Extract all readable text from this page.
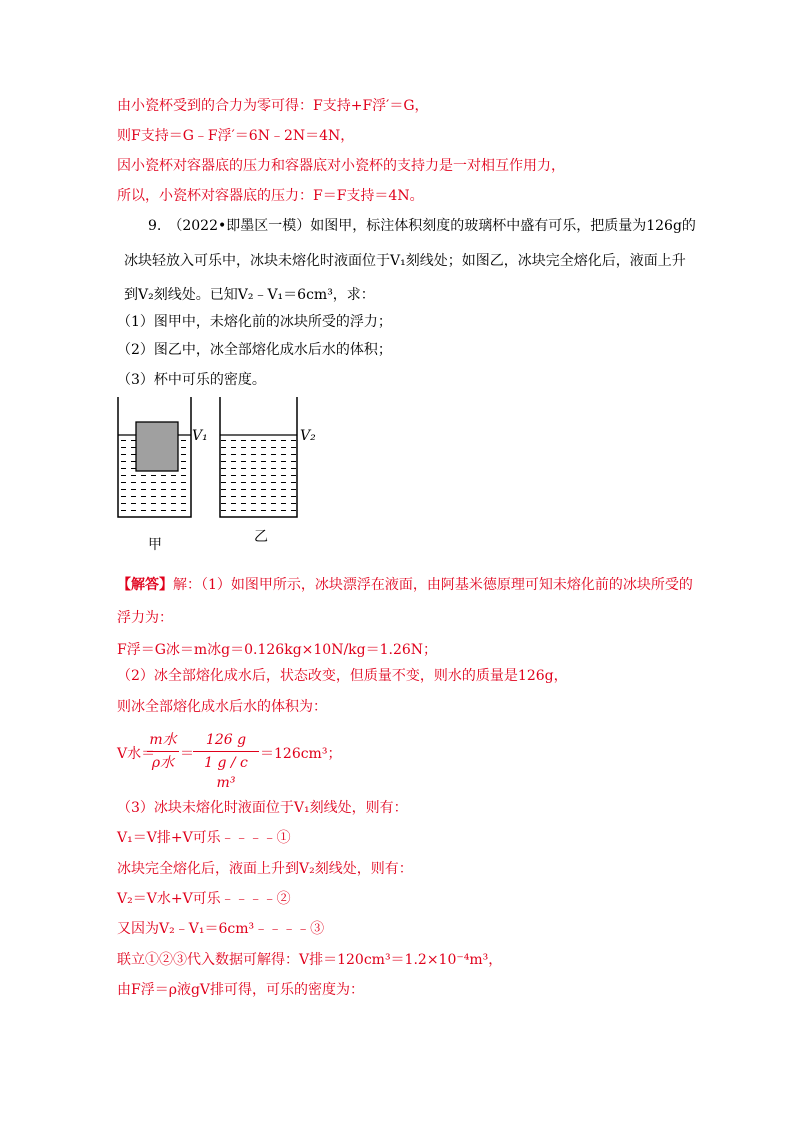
由小瓷杯受到的合力为零可得：F支持+F浮′＝G，
则F支持＝G﹣F浮′＝6N﹣2N＝4N，
因小瓷杯对容器底的压力和容器底对小瓷杯的支持力是一对相互作用力，
所以，小瓷杯对容器底的压力：F＝F支持＝4N。
9.　（2022•即墨区一模）如图甲，标注体积刻度的玻璃杯中盛有可乐，把质量为126g的
冰块轻放入可乐中，冰块未熔化时液面位于V₁刻线处；如图乙，冰块完全熔化后，液面上升
到V₂刻线处。已知V₂﹣V₁＝6cm³，求：
（1）图甲中，未熔化前的冰块所受的浮力；
（2）图乙中，冰全部熔化成水后水的体积；
（3）杯中可乐的密度。
V₁	V₂
甲	乙
【解答】解：（1）如图甲所示，冰块漂浮在液面，由阿基米德原理可知未熔化前的冰块所受的
浮力为：
F浮＝G冰＝m冰g＝0.126kg×10N/kg＝1.26N；
（2）冰全部熔化成水后，状态改变，但质量不变，则水的质量是126g，
则冰全部熔化成水后水的体积为：
V水＝
m水
ρ水
＝
126 g
1 g / c m³
＝126cm³；
（3）冰块未熔化时液面位于V₁刻线处，则有：
V₁＝V排+V可乐﹣﹣﹣﹣①
冰块完全熔化后，液面上升到V₂刻线处，则有：
V₂＝V水+V可乐﹣﹣﹣﹣②
又因为V₂﹣V₁＝6cm³﹣﹣﹣﹣③
联立①②③代入数据可解得：V排＝120cm³＝1.2×10⁻⁴m³，
由F浮＝ρ液gV排可得，可乐的密度为：
